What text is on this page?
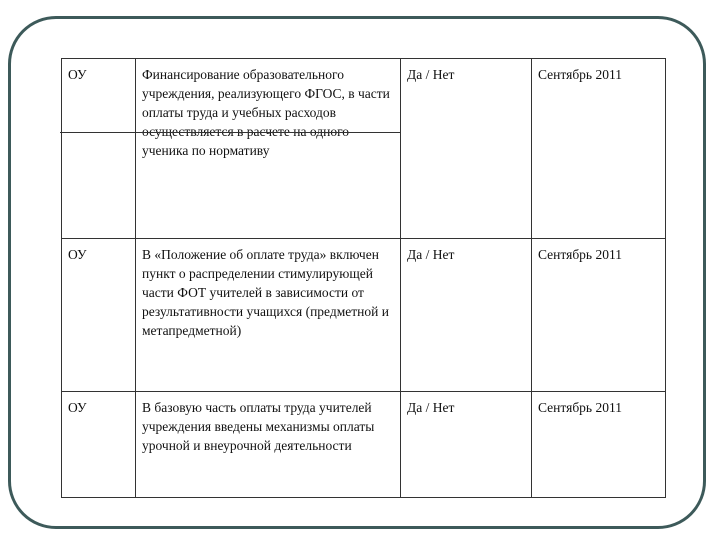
ОУ	Финансирование образовательного учреждения, реализующего ФГОС, в части оплаты труда и учебных расходов осуществляется в расчете на одного ученика по нормативу	Да / Нет	Сентябрь 2011
ОУ	В «Положение об оплате труда» включен пункт о распределении стимулирующей части ФОТ учителей в зависимости от результативности учащихся (предметной и метапредметной)	Да / Нет	Сентябрь 2011
ОУ	В базовую часть оплаты труда учителей учреждения введены механизмы оплаты урочной и внеурочной деятельности	Да / Нет	Сентябрь 2011
